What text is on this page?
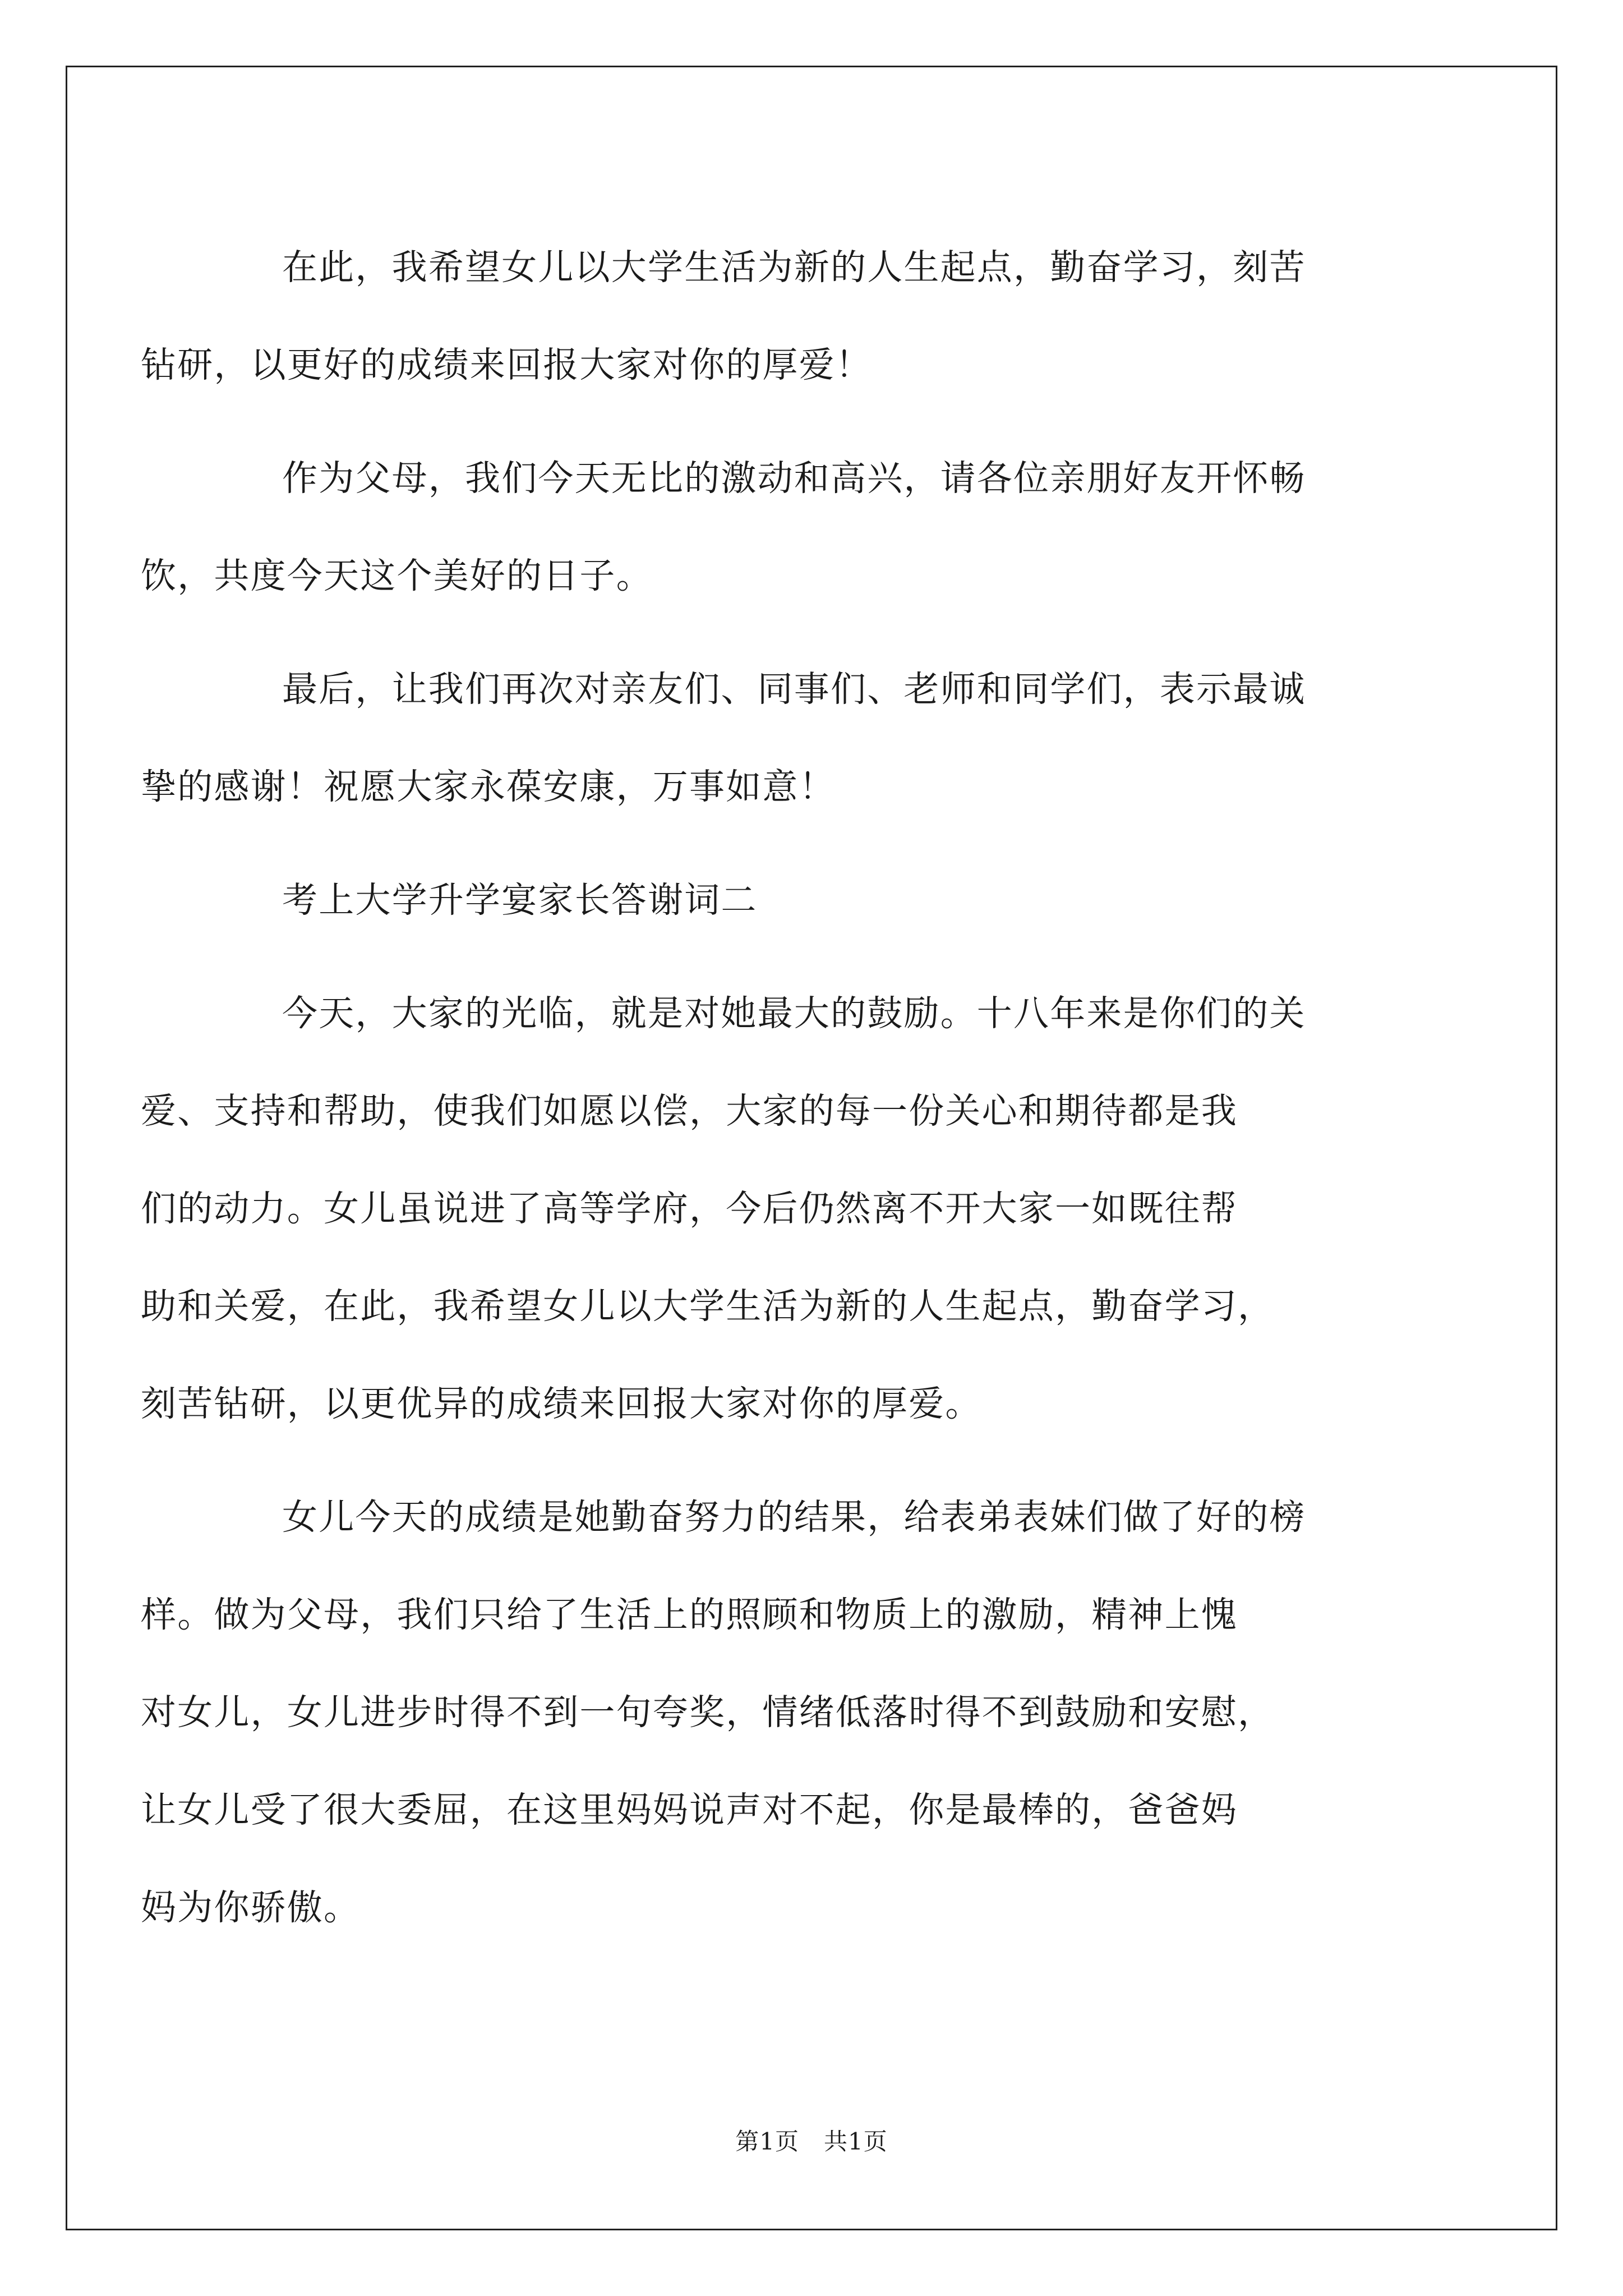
在此，我希望女儿以大学生活为新的人生起点，勤奋学习，刻苦
钻研，以更好的成绩来回报大家对你的厚爱！

作为父母，我们今天无比的激动和高兴，请各位亲朋好友开怀畅
饮，共度今天这个美好的日子。

最后，让我们再次对亲友们、同事们、老师和同学们，表示最诚
挚的感谢！祝愿大家永葆安康，万事如意！

考上大学升学宴家长答谢词二

今天，大家的光临，就是对她最大的鼓励。十八年来是你们的关
爱、支持和帮助，使我们如愿以偿，大家的每一份关心和期待都是我
们的动力。女儿虽说进了高等学府，今后仍然离不开大家一如既往帮
助和关爱，在此，我希望女儿以大学生活为新的人生起点，勤奋学习，
刻苦钻研，以更优异的成绩来回报大家对你的厚爱。

女儿今天的成绩是她勤奋努力的结果，给表弟表妹们做了好的榜
样。做为父母，我们只给了生活上的照顾和物质上的激励，精神上愧
对女儿，女儿进步时得不到一句夸奖，情绪低落时得不到鼓励和安慰，
让女儿受了很大委屈，在这里妈妈说声对不起，你是最棒的，爸爸妈
妈为你骄傲。

第1页 共1页
